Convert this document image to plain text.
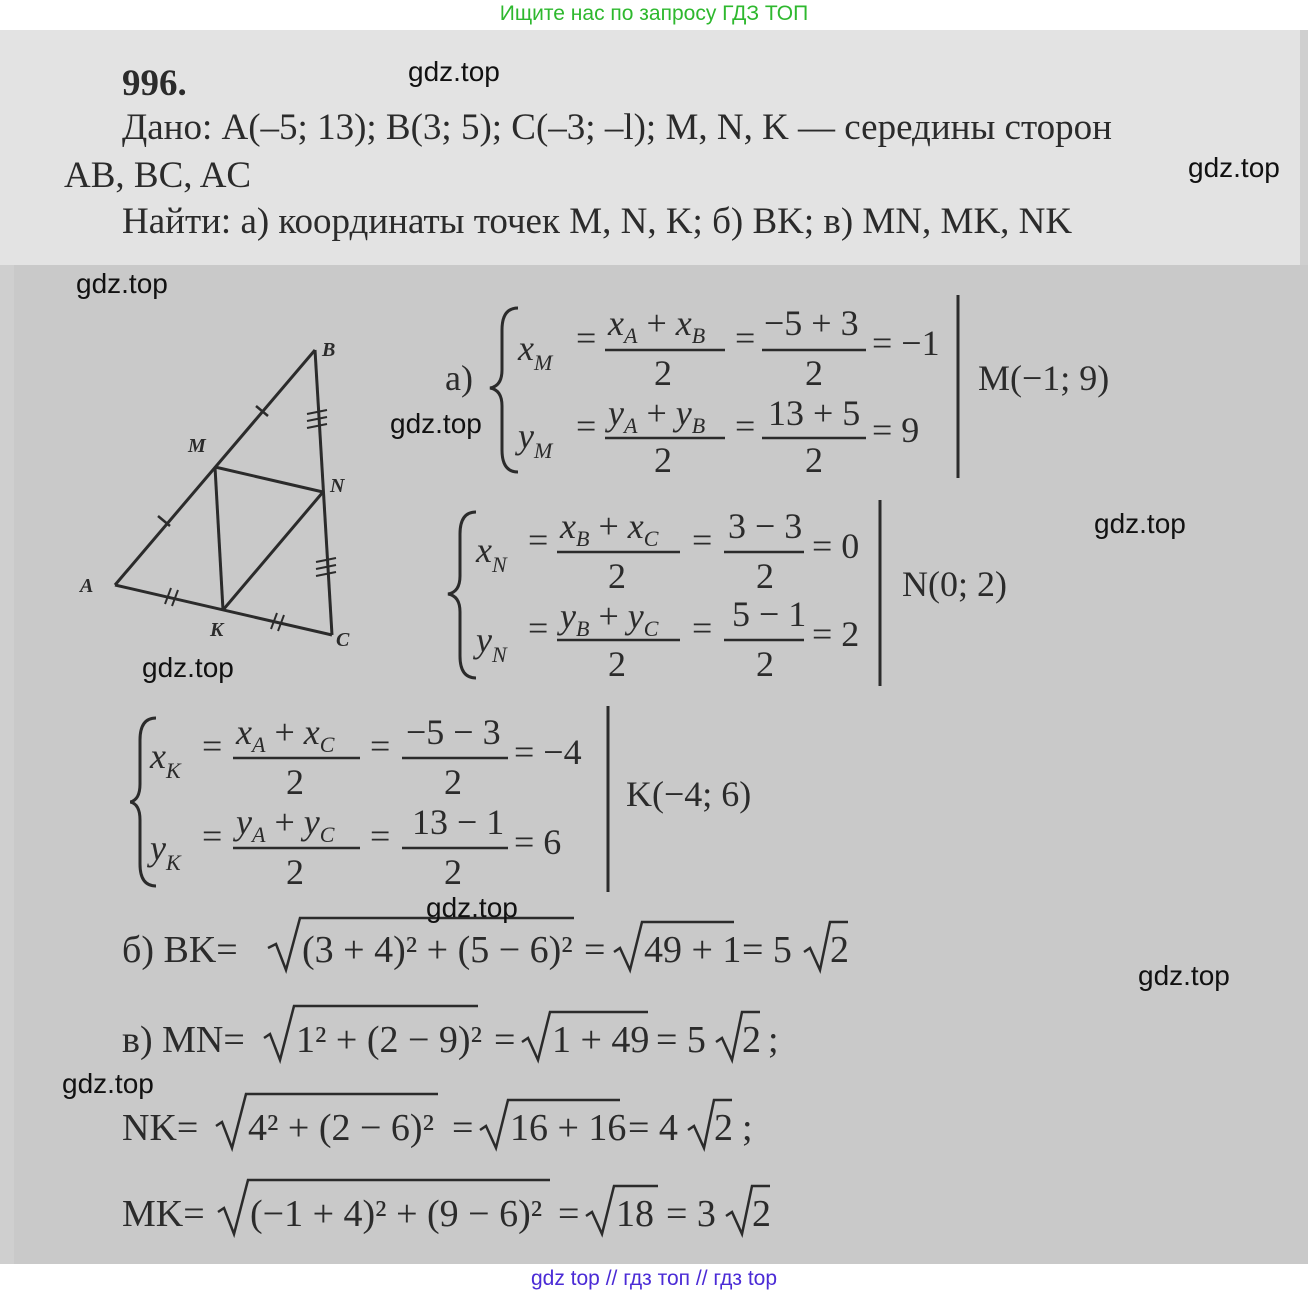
Ищите нас по запросу ГДЗ ТОП
996.
Дано: A(–5; 13); B(3; 5); C(–3; –l); M, N, K — середины сторон
AB, BC, AC
Найти: а) координаты точек M, N, K; б) BK; в) MN, MK, NK
B
M
N
A
K	C
а)
$x_M$
= $x_A + x_B$
2
= −5 + 3
2
= −1
$y_M$
= $y_A + y_B$
2
= 13 + 5
2
= 9
M(−1; 9)
$x_N$
= $x_B + x_C$
2
= 3 − 3
2
= 0
$y_N$
= $y_B + y_C$
2
= 5 − 1
2
= 2
N(0; 2)
$x_K$
= $x_A + x_C$
2
= −5 − 3
2
= −4
$y_K$
= $y_A + y_C$
2
= 13 − 1
2
= 6
K(−4; 6)
б) BK= (3 + 4)² + (5 − 6)² = 49 + 1 = 5 2
в) MN= 1² + (2 − 9)² = 1 + 49 = 5 2 ;
NK= 4² + (2 − 6)² = 16 + 16 = 4 2 ;
MK= (−1 + 4)² + (9 − 6)² = 18 = 3 2
gdz.top
gdz.top
gdz.top
gdz.top
gdz.top
gdz.top
gdz.top
gdz.top
gdz.top
gdz top // гдз топ // гдз top
